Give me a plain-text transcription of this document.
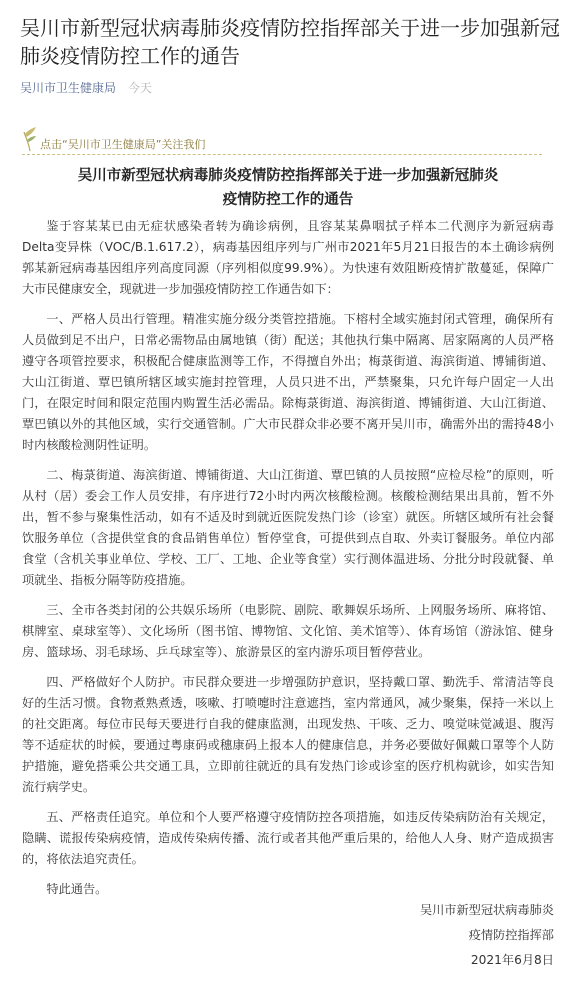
吴川市新型冠状病毒肺炎疫情防控指挥部关于进一步加强新冠肺炎疫情防控工作的通告
吴川市卫生健康局 今天
点击“吴川市卫生健康局”关注我们
吴川市新型冠状病毒肺炎疫情防控指挥部关于进一步加强新冠肺炎
疫情防控工作的通告

鉴于容某某已由无症状感染者转为确诊病例，且容某某鼻咽拭子样本二代测序为新冠病毒Delta变异株（VOC/B.1.617.2），病毒基因组序列与广州市2021年5月21日报告的本土确诊病例郭某新冠病毒基因组序列高度同源（序列相似度99.9%）。为快速有效阻断疫情扩散蔓延，保障广大市民健康安全，现就进一步加强疫情防控工作通告如下：

一、严格人员出行管理。精准实施分级分类管控措施。下榕村全域实施封闭式管理，确保所有人员做到足不出户，日常必需物品由属地镇（街）配送；其他执行集中隔离、居家隔离的人员严格遵守各项管控要求，积极配合健康监测等工作，不得擅自外出；梅菉街道、海滨街道、博铺街道、大山江街道、覃巴镇所辖区域实施封控管理，人员只进不出，严禁聚集，只允许每户固定一人出门，在限定时间和限定范围内购置生活必需品。除梅菉街道、海滨街道、博铺街道、大山江街道、覃巴镇以外的其他区域，实行交通管制。广大市民群众非必要不离开吴川市，确需外出的需持48小时内核酸检测阴性证明。

二、梅菉街道、海滨街道、博铺街道、大山江街道、覃巴镇的人员按照“应检尽检”的原则，听从村（居）委会工作人员安排，有序进行72小时内两次核酸检测。核酸检测结果出具前，暂不外出，暂不参与聚集性活动，如有不适及时到就近医院发热门诊（诊室）就医。所辖区域所有社会餐饮服务单位（含提供堂食的食品销售单位）暂停堂食，可提供到点自取、外卖订餐服务。单位内部食堂（含机关事业单位、学校、工厂、工地、企业等食堂）实行测体温进场、分批分时段就餐、单项就坐、指板分隔等防疫措施。

三、全市各类封闭的公共娱乐场所（电影院、剧院、歌舞娱乐场所、上网服务场所、麻将馆、棋牌室、桌球室等）、文化场所（图书馆、博物馆、文化馆、美术馆等）、体育场馆（游泳馆、健身房、篮球场、羽毛球场、乒乓球室等）、旅游景区的室内游乐项目暂停营业。

四、严格做好个人防护。市民群众要进一步增强防护意识，坚持戴口罩、勤洗手、常清洁等良好的生活习惯。食物煮熟煮透，咳嗽、打喷嚏时注意遮挡，室内常通风，减少聚集，保持一米以上的社交距离。每位市民每天要进行自我的健康监测，出现发热、干咳、乏力、嗅觉味觉减退、腹泻等不适症状的时候，要通过粤康码或穗康码上报本人的健康信息，并务必要做好佩戴口罩等个人防护措施，避免搭乘公共交通工具，立即前往就近的具有发热门诊或诊室的医疗机构就诊，如实告知流行病学史。

五、严格责任追究。单位和个人要严格遵守疫情防控各项措施，如违反传染病防治有关规定，隐瞒、谎报传染病疫情，造成传染病传播、流行或者其他严重后果的，给他人人身、财产造成损害的，将依法追究责任。

特此通告。

吴川市新型冠状病毒肺炎
疫情防控指挥部
2021年6月8日
